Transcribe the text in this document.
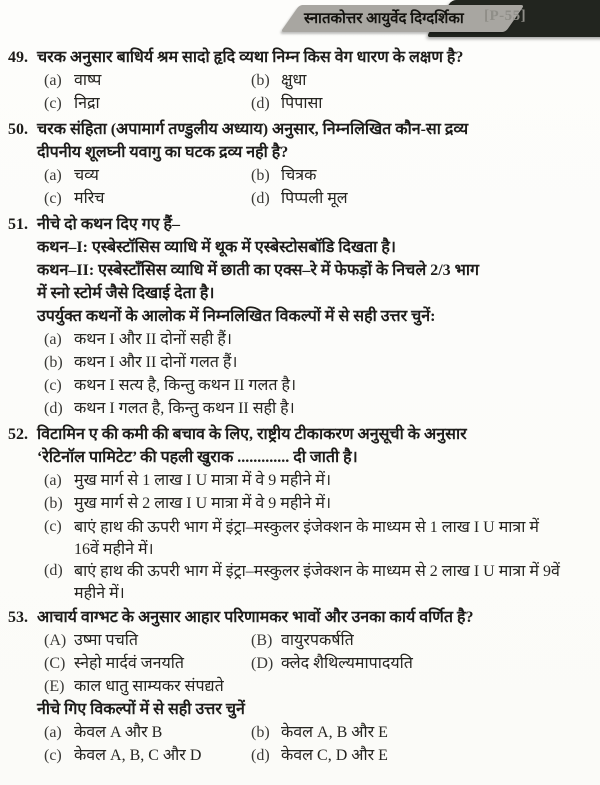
स्नातकोत्तर आयुर्वेद दिग्दर्शिका [P-55]
49. चरक अनुसार बाधिर्य श्रम सादो हृदि व्यथा निम्न किस वेग धारण के लक्षण है?
(a) वाष्प	(b) क्षुधा
(c) निद्रा	(d) पिपासा
50. चरक संहिता (अपामार्ग तण्डुलीय अध्याय) अनुसार, निम्नलिखित कौन-सा द्रव्य
दीपनीय शूलघ्नी यवागु का घटक द्रव्य नही है?
(a) चव्य	(b) चित्रक
(c) मरिच	(d) पिप्पली मूल
51. नीचे दो कथन दिए गए हैं–
कथन–I: एस्बेस्टॉसिस व्याधि में थूक में एस्बेस्टोसबॉडि दिखता है।
कथन–II: एस्बेस्टाँसिस व्याधि में छाती का एक्स–रे में फेफड़ों के निचले 2/3 भाग
में स्नो स्टोर्म जैसे दिखाई देता है।
उपर्युक्त कथनों के आलोक में निम्नलिखित विकल्पों में से सही उत्तर चुनें:
(a) कथन I और II दोनों सही हैं।
(b) कथन I और II दोनों गलत हैं।
(c) कथन I सत्य है, किन्तु कथन II गलत है।
(d) कथन I गलत है, किन्तु कथन II सही है।
52. विटामिन ए की कमी की बचाव के लिए, राष्ट्रीय टीकाकरण अनुसूची के अनुसार
‘रेटिनॉल पामिटेट’ की पहली खुराक ............. दी जाती है।
(a) मुख मार्ग से 1 लाख I U मात्रा में वे 9 महीने में।
(b) मुख मार्ग से 2 लाख I U मात्रा में वे 9 महीने में।
(c) बाएं हाथ की ऊपरी भाग में इंट्रा–मस्कुलर इंजेक्शन के माध्यम से 1 लाख I U मात्रा में
16वें महीने में।
(d) बाएं हाथ की ऊपरी भाग में इंट्रा–मस्कुलर इंजेक्शन के माध्यम से 2 लाख I U मात्रा में 9वें
महीने में।
53. आचार्य वाग्भट के अनुसार आहार परिणामकर भावों और उनका कार्य वर्णित है?
(A) उष्मा पचति	(B) वायुरपकर्षति
(C) स्नेहो मार्दवं जनयति	(D) क्लेद शैथिल्यमापादयति
(E) काल धातु साम्यकर संपद्यते
नीचे गिए विकल्पों में से सही उत्तर चुनें
(a) केवल A और B	(b) केवल A, B और E
(c) केवल A, B, C और D	(d) केवल C, D और E
